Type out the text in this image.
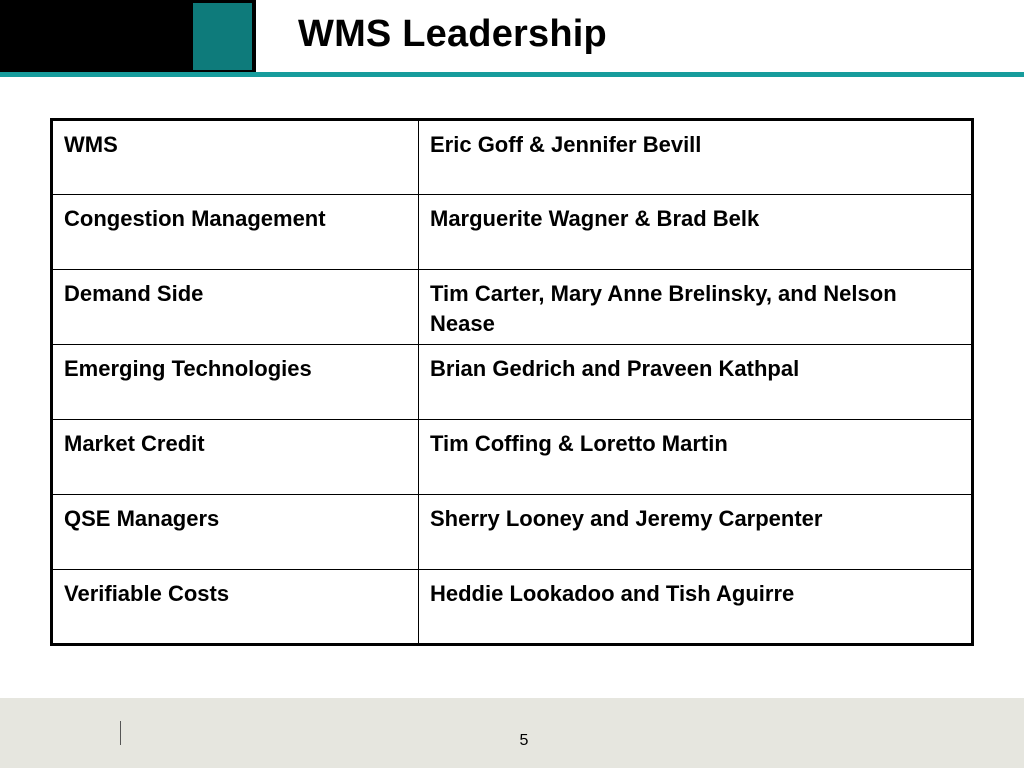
WMS Leadership
WMS	Eric Goff & Jennifer Bevill
Congestion Management	Marguerite Wagner & Brad Belk
Demand Side	Tim Carter, Mary Anne Brelinsky, and Nelson Nease
Emerging Technologies	Brian Gedrich and Praveen Kathpal
Market Credit	Tim Coffing & Loretto Martin
QSE Managers	Sherry Looney and Jeremy Carpenter
Verifiable Costs	Heddie Lookadoo and Tish Aguirre
5
